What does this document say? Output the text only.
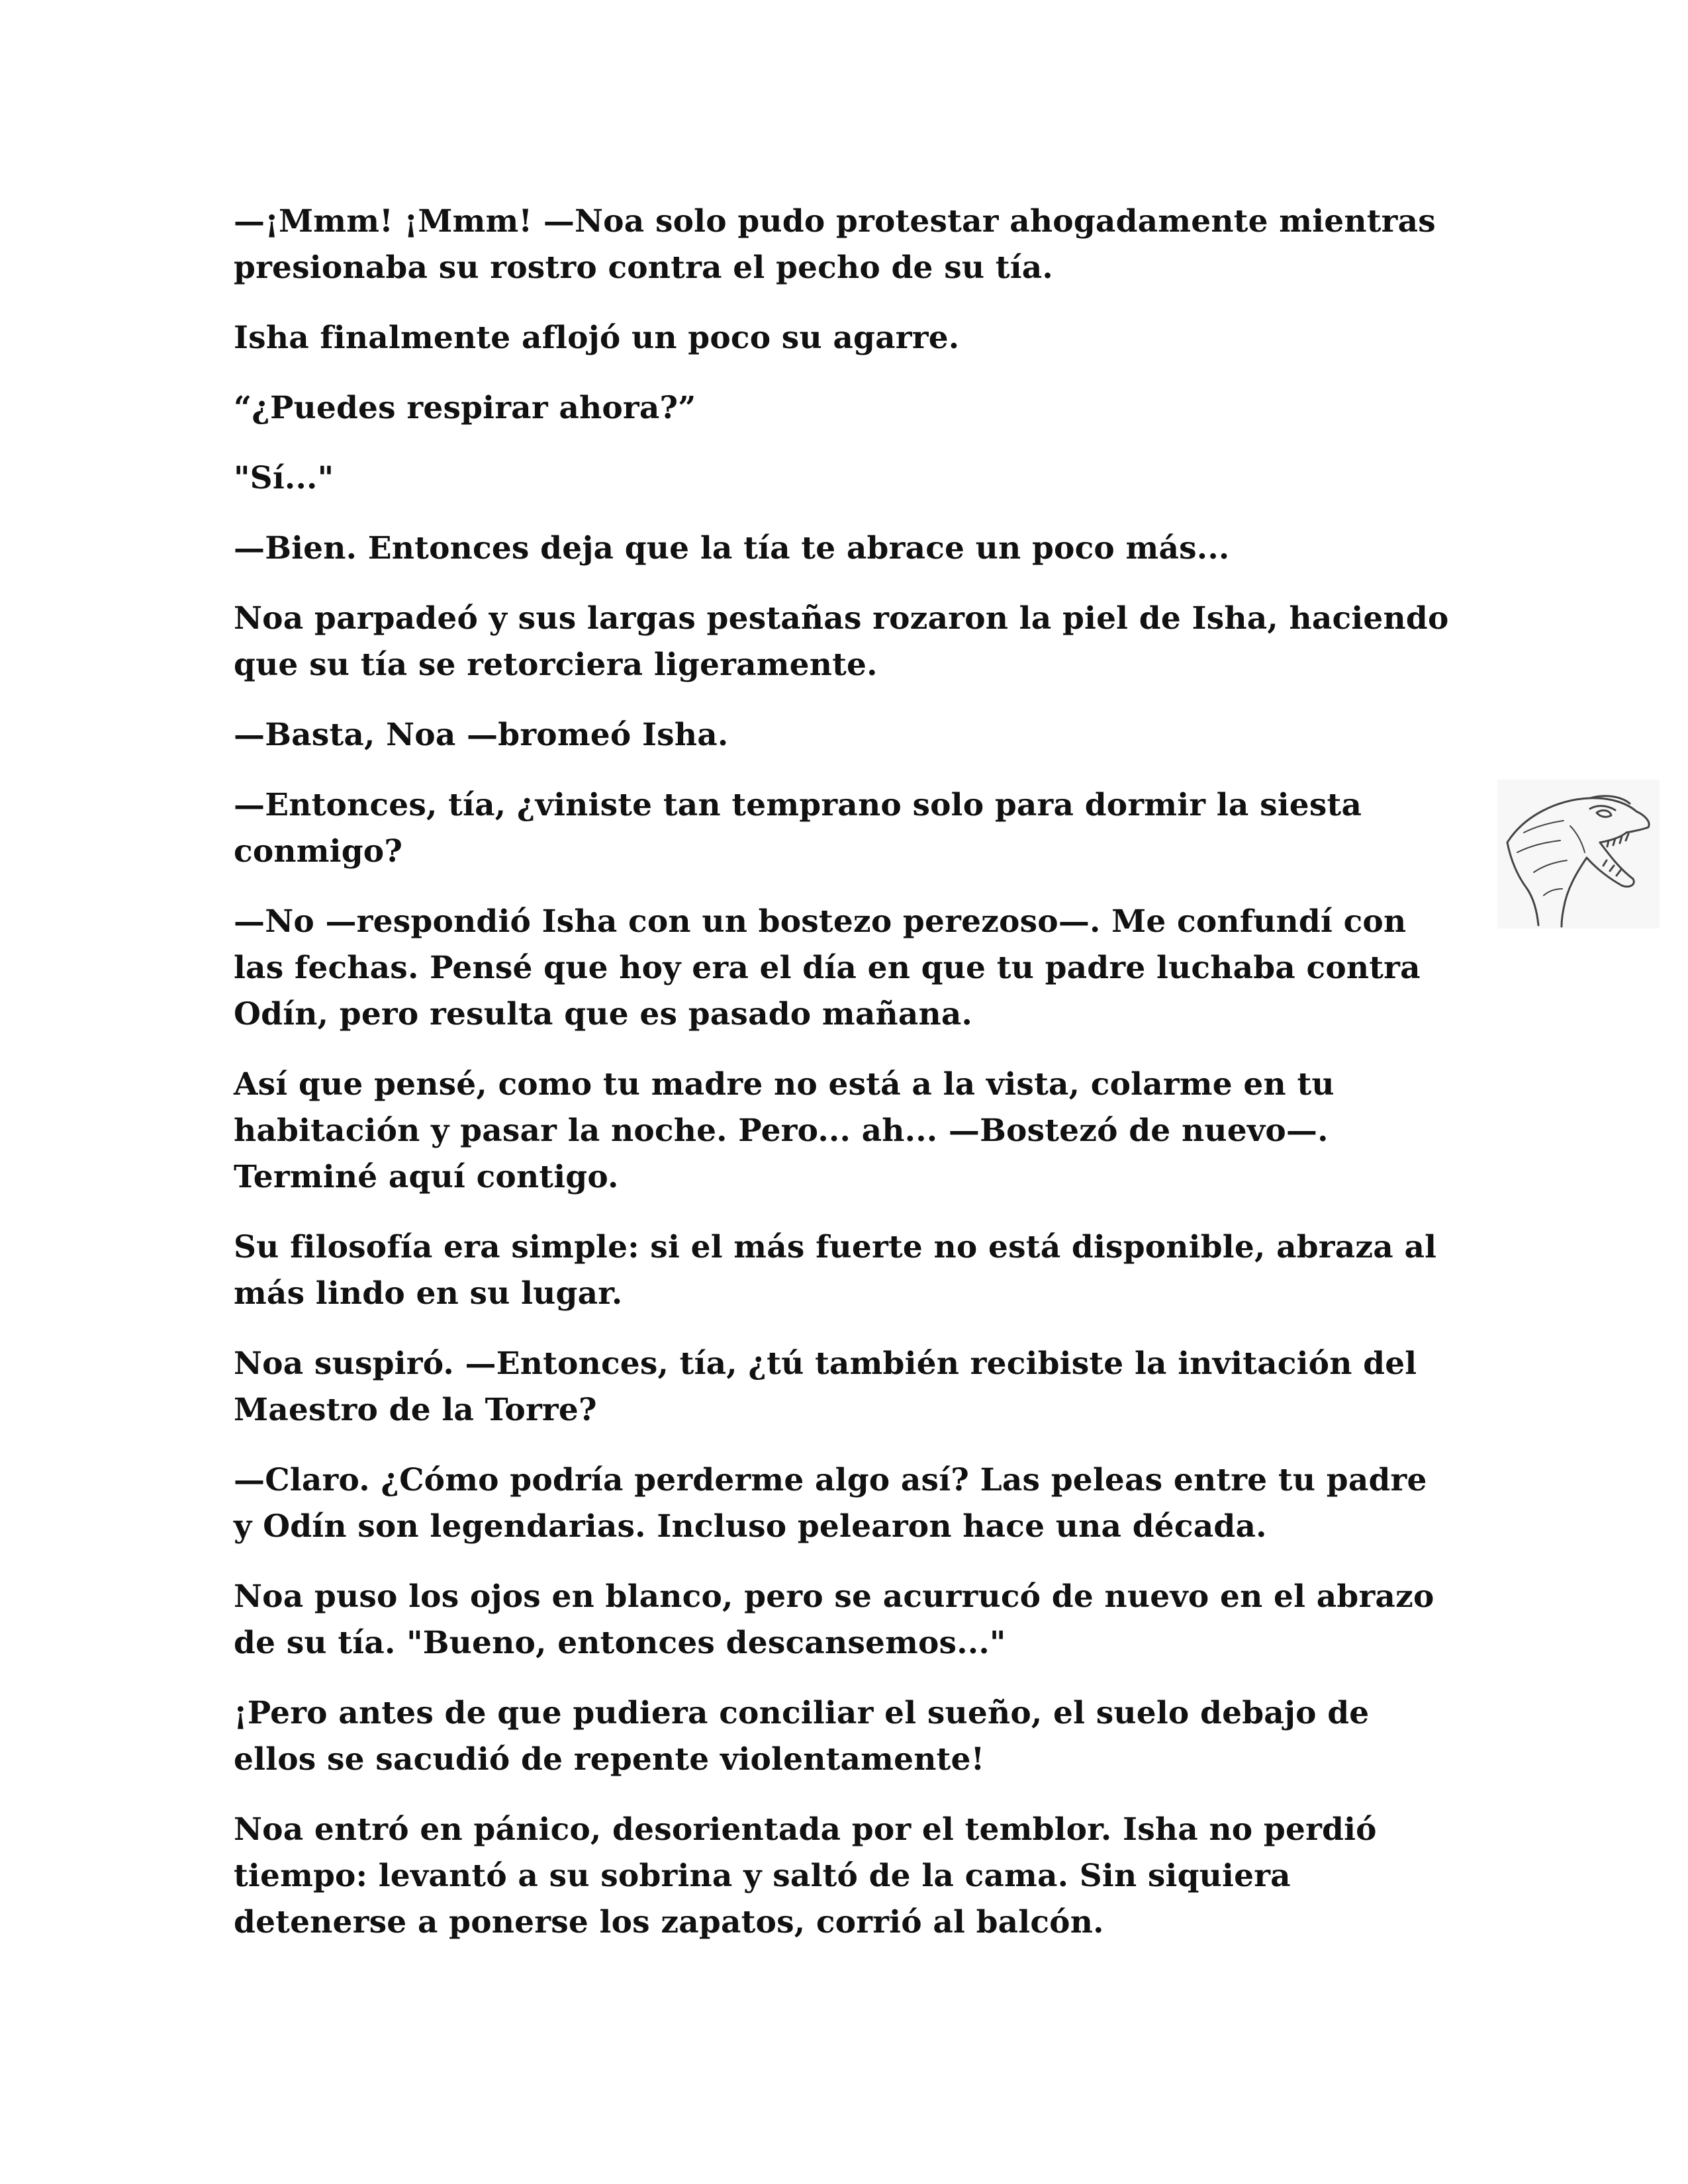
—¡Mmm! ¡Mmm! —Noa solo pudo protestar ahogadamente mientras presionaba su rostro contra el pecho de su tía.

Isha finalmente aflojó un poco su agarre.

“¿Puedes respirar ahora?”

"Sí..."

—Bien. Entonces deja que la tía te abrace un poco más...

Noa parpadeó y sus largas pestañas rozaron la piel de Isha, haciendo que su tía se retorciera ligeramente.

—Basta, Noa —bromeó Isha.

—Entonces, tía, ¿viniste tan temprano solo para dormir la siesta conmigo?

—No —respondió Isha con un bostezo perezoso—. Me confundí con las fechas. Pensé que hoy era el día en que tu padre luchaba contra Odín, pero resulta que es pasado mañana.

Así que pensé, como tu madre no está a la vista, colarme en tu habitación y pasar la noche. Pero... ah... —Bostezó de nuevo—. Terminé aquí contigo.

Su filosofía era simple: si el más fuerte no está disponible, abraza al más lindo en su lugar.

Noa suspiró. —Entonces, tía, ¿tú también recibiste la invitación del Maestro de la Torre?

—Claro. ¿Cómo podría perderme algo así? Las peleas entre tu padre y Odín son legendarias. Incluso pelearon hace una década.

Noa puso los ojos en blanco, pero se acurrucó de nuevo en el abrazo de su tía. "Bueno, entonces descansemos..."

¡Pero antes de que pudiera conciliar el sueño, el suelo debajo de ellos se sacudió de repente violentamente!

Noa entró en pánico, desorientada por el temblor. Isha no perdió tiempo: levantó a su sobrina y saltó de la cama. Sin siquiera detenerse a ponerse los zapatos, corrió al balcón.
